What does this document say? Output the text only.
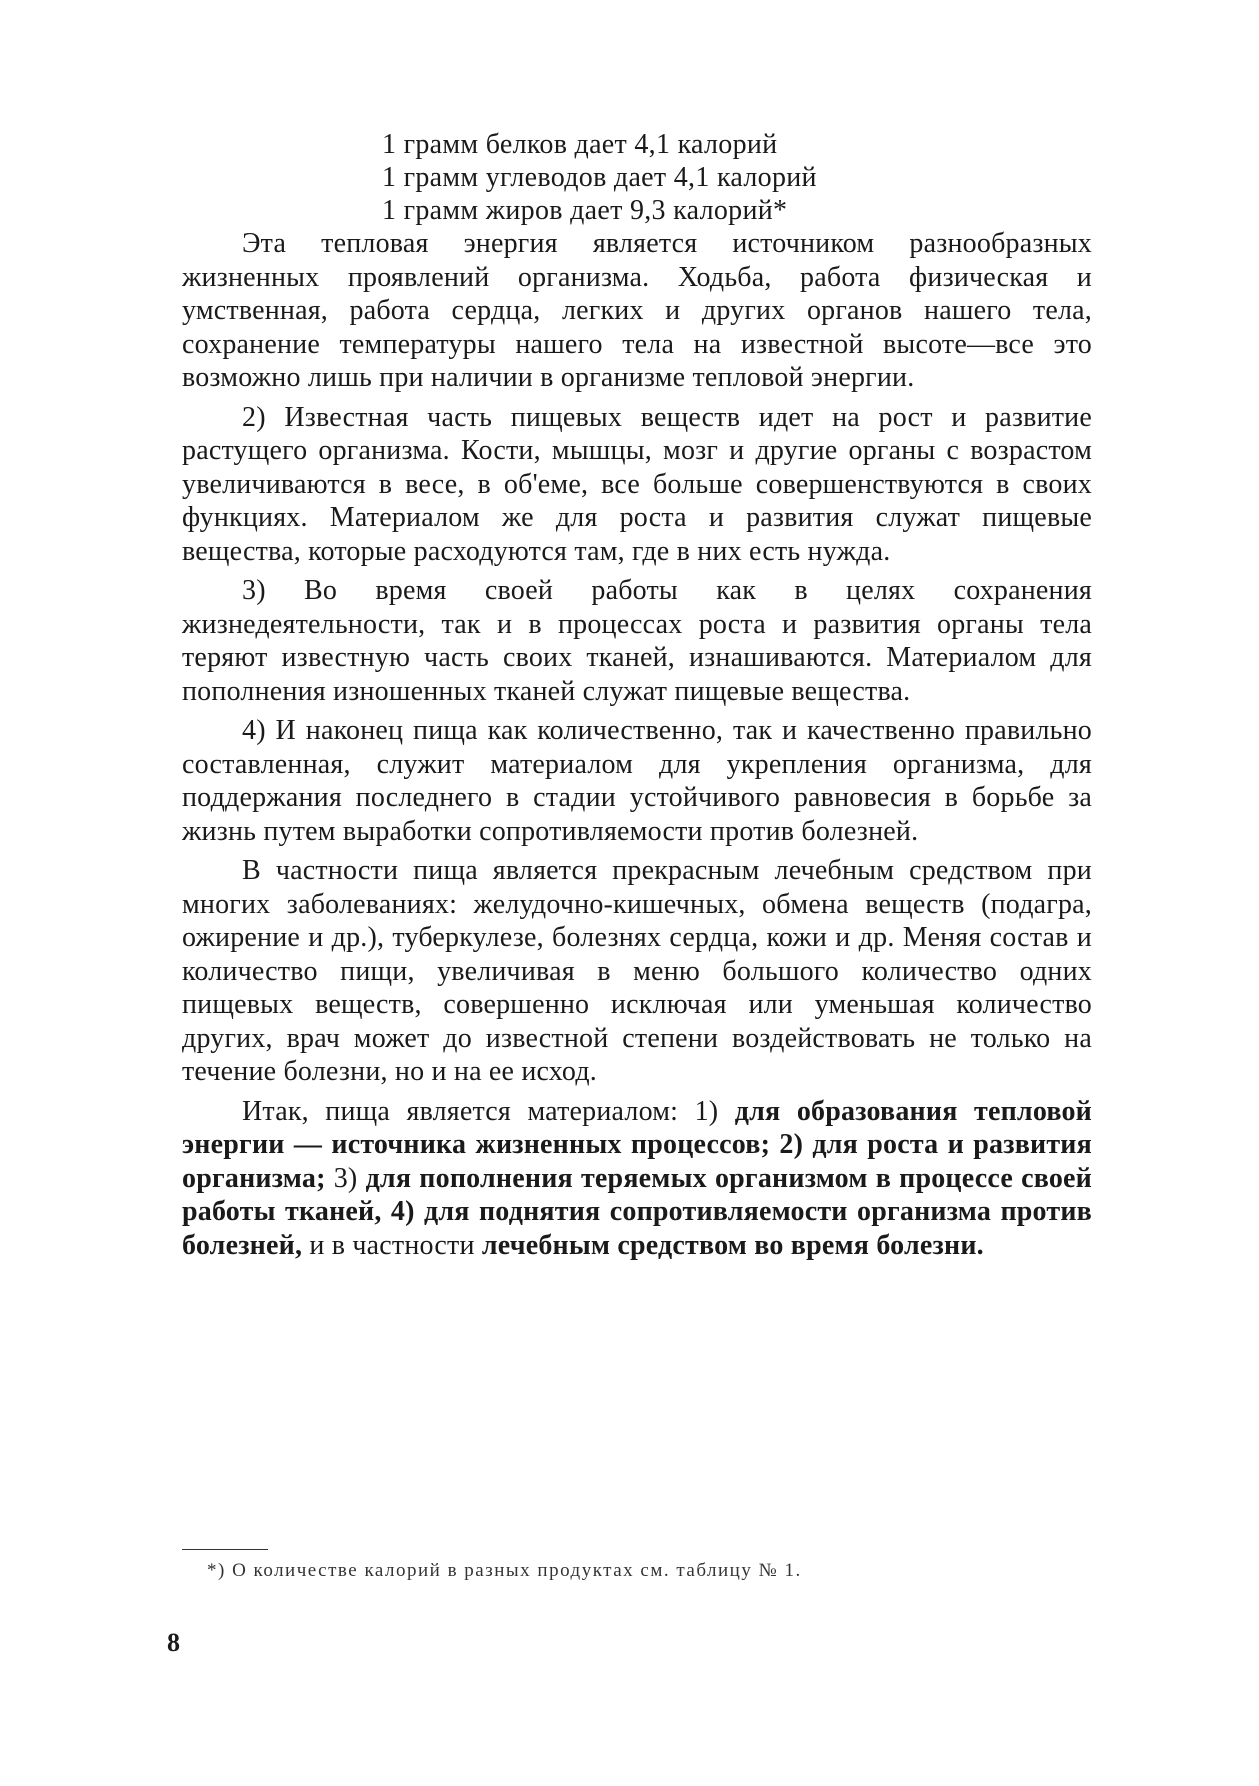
1 грамм белков дает 4,1 калорий
1 грамм углеводов дает 4,1 калорий
1 грамм жиров дает 9,3 калорий*

Эта тепловая энергия является источником разнообразных жизненных проявлений организма. Ходьба, работа физическая и умственная, работа сердца, легких и других органов нашего тела, сохранение температуры нашего тела на известной высоте—все это возможно лишь при наличии в организме тепловой энергии.

2) Известная часть пищевых веществ идет на рост и развитие растущего организма. Кости, мышцы, мозг и другие органы с возрастом увеличиваются в весе, в об'еме, все больше совершенствуются в своих функциях. Материалом же для роста и развития служат пищевые вещества, которые расходуются там, где в них есть нужда.

3) Во время своей работы как в целях сохранения жизнедеятельности, так и в процессах роста и развития органы тела теряют известную часть своих тканей, изнашиваются. Материалом для пополнения изношенных тканей служат пищевые вещества.

4) И наконец пища как количественно, так и качественно правильно составленная, служит материалом для укрепления организма, для поддержания последнего в стадии устойчивого равновесия в борьбе за жизнь путем выработки сопротивляемости против болезней.

В частности пища является прекрасным лечебным средством при многих заболеваниях: желудочно-кишечных, обмена веществ (подагра, ожирение и др.), туберкулезе, болезнях сердца, кожи и др. Меняя состав и количество пищи, увеличивая в меню большого количество одних пищевых веществ, совершенно исключая или уменьшая количество других, врач может до известной степени воздействовать не только на течение болезни, но и на ее исход.

Итак, пища является материалом: 1) для образования тепловой энергии — источника жизненных процессов; 2) для роста и развития организма; 3) для пополнения теряемых организмом в процессе своей работы тканей, 4) для поднятия сопротивляемости организма против болезней, и в частности лечебным средством во время болезни.

*) О количестве калорий в разных продуктах см. таблицу № 1.
8
